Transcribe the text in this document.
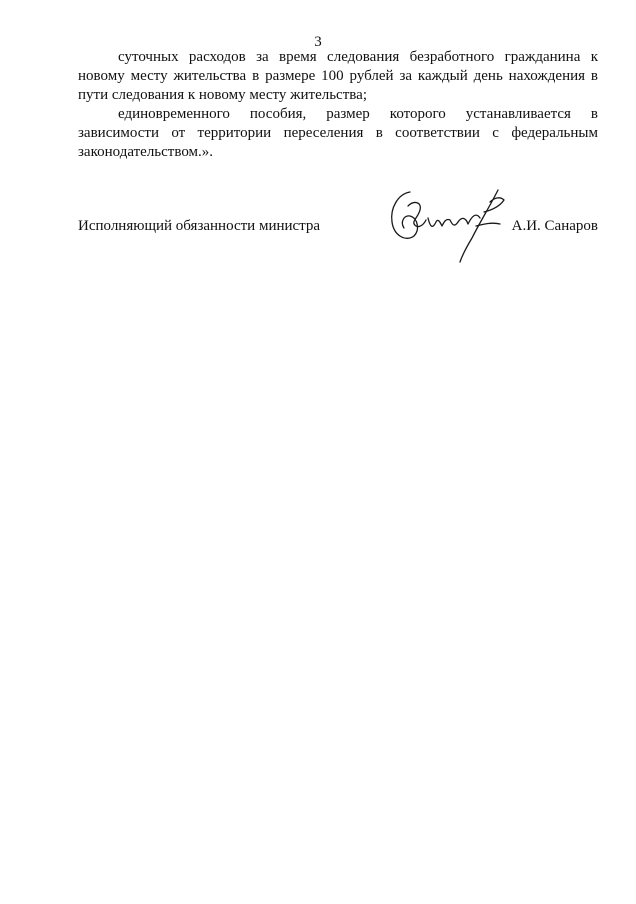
3

суточных расходов за время следования безработного гражданина к новому месту жительства в размере 100 рублей за каждый день нахождения в пути следования к новому месту жительства;

единовременного пособия, размер которого устанавливается в зависимости от территории переселения в соответствии с федеральным законодательством.».

Исполняющий обязанности министра	А.И. Санаров
